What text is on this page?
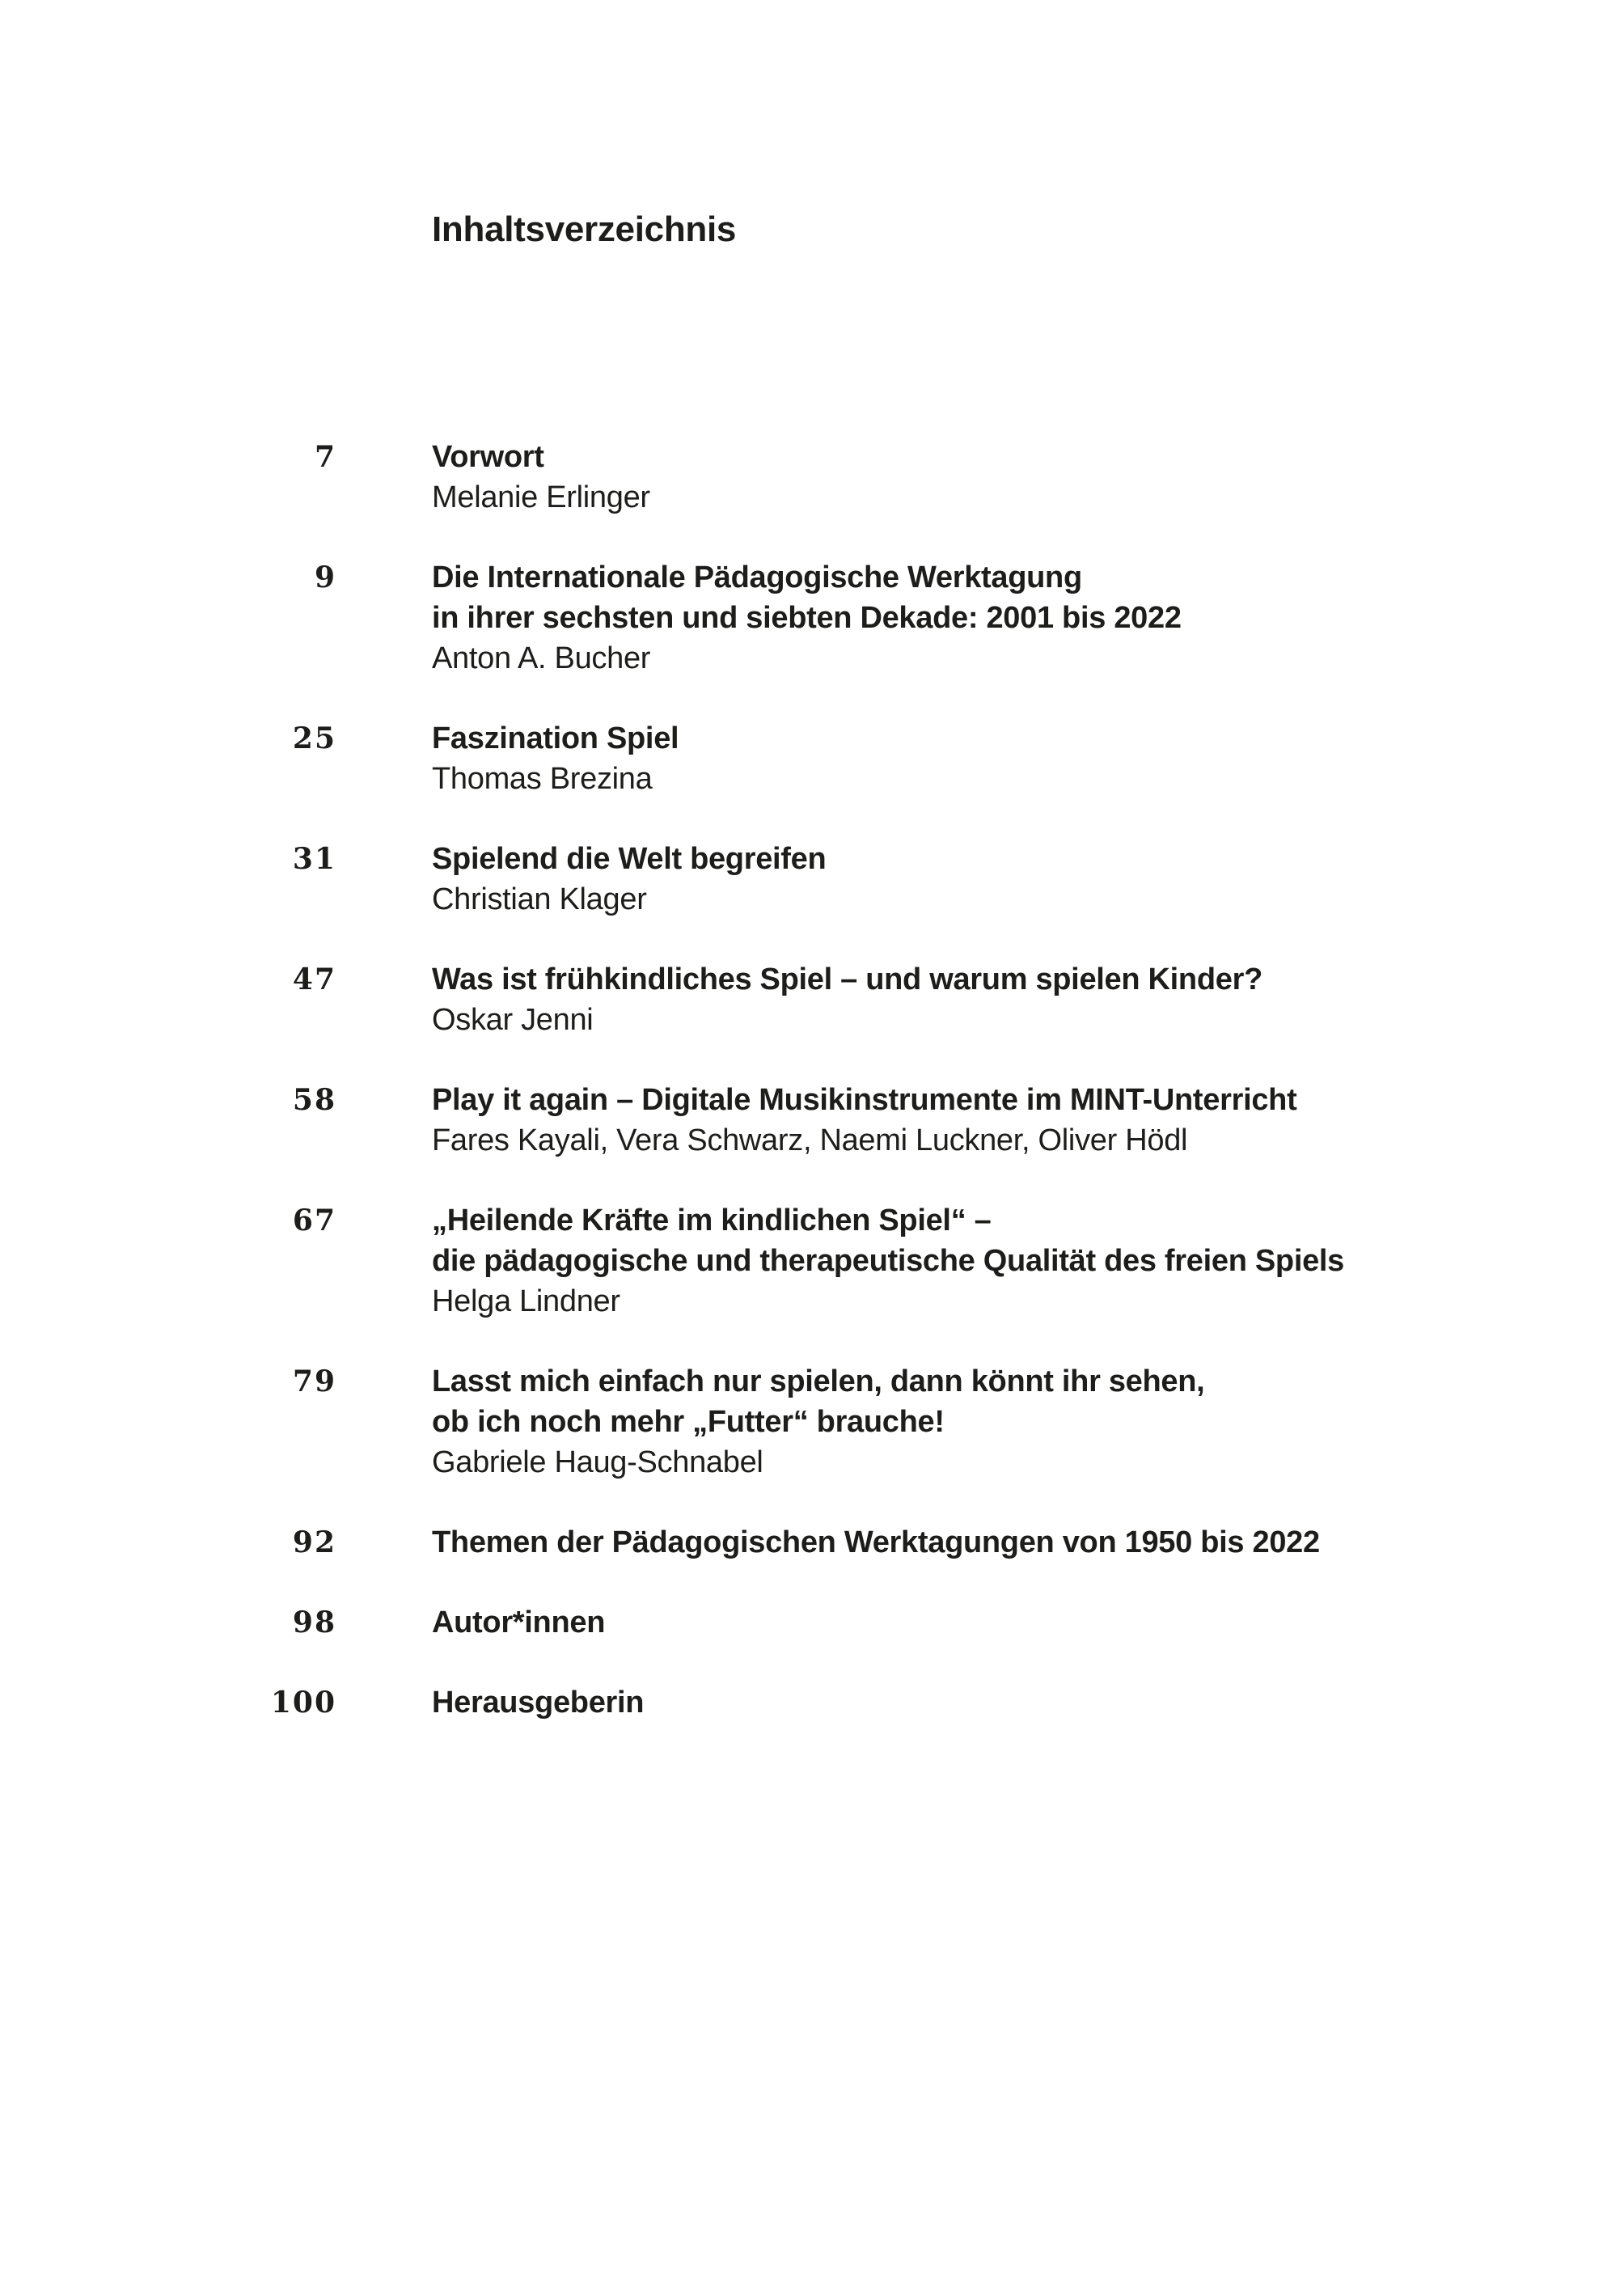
Inhaltsverzeichnis
7	Vorwort
Melanie Erlinger
9	Die Internationale Pädagogische Werktagung
in ihrer sechsten und siebten Dekade: 2001 bis 2022
Anton A. Bucher
25	Faszination Spiel
Thomas Brezina
31	Spielend die Welt begreifen
Christian Klager
47	Was ist frühkindliches Spiel – und warum spielen Kinder?
Oskar Jenni
58	Play it again – Digitale Musikinstrumente im MINT-Unterricht
Fares Kayali, Vera Schwarz, Naemi Luckner, Oliver Hödl
67	„Heilende Kräfte im kindlichen Spiel“ –
die pädagogische und therapeutische Qualität des freien Spiels
Helga Lindner
79	Lasst mich einfach nur spielen, dann könnt ihr sehen,
ob ich noch mehr „Futter“ brauche!
Gabriele Haug-Schnabel
92	Themen der Pädagogischen Werktagungen von 1950 bis 2022
98	Autor*innen
100	Herausgeberin
